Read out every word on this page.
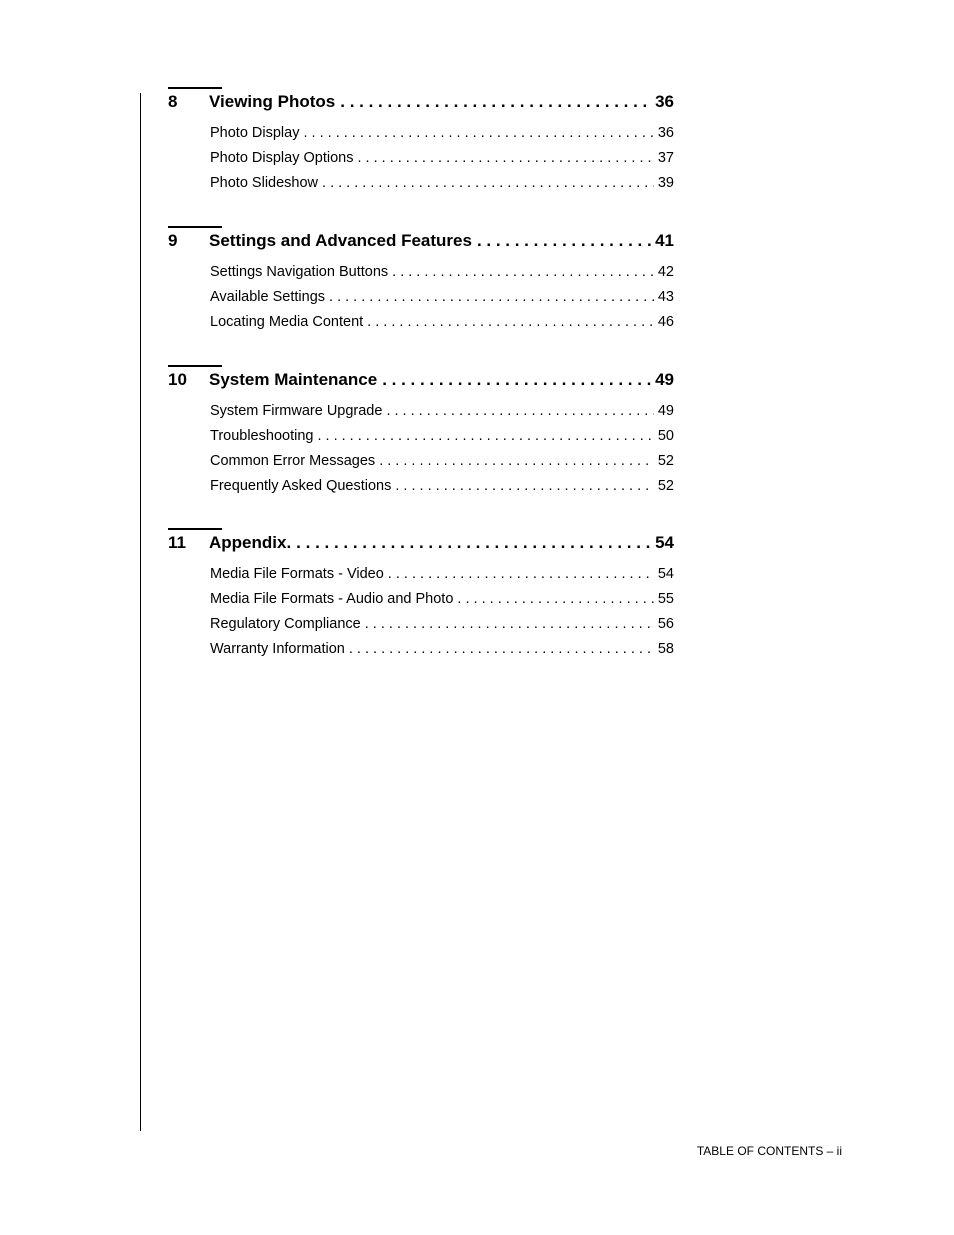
8	Viewing Photos . . .	36
Photo Display . . .	36
Photo Display Options . . .	37
Photo Slideshow . . .	39
9	Settings and Advanced Features . . .	41
Settings Navigation Buttons . . .	42
Available Settings . . .	43
Locating Media Content . . .	46
10	System Maintenance . . .	49
System Firmware Upgrade . . .	49
Troubleshooting . . .	50
Common Error Messages . . .	52
Frequently Asked Questions . . .	52
11	Appendix. . . .	54
Media File Formats - Video . . .	54
Media File Formats - Audio and Photo . . .	55
Regulatory Compliance . . .	56
Warranty Information . . .	58
TABLE OF CONTENTS – ii
